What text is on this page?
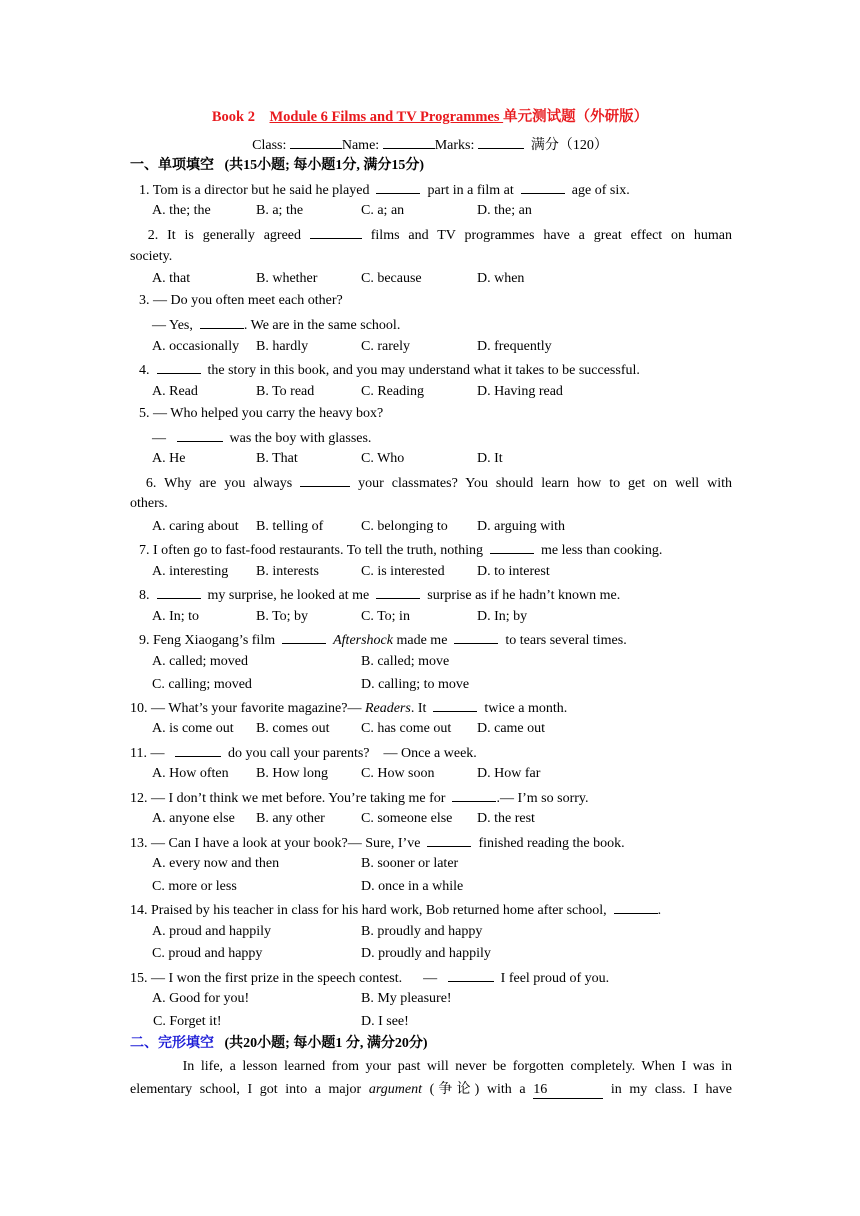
Book 2 Module 6 Films and TV Programmes 单元测试题（外研版）
Class:	Name:	Marks:	满分（120）
一、单项填空 (共15小题; 每小题1分, 满分15分)
1. Tom is a director but he said he played	part in a film at	age of six.
A. the; the	B. a; the	C. a; an	D. the; an
2. It is generally agreed	films and TV programmes have a great effect on human
society.
A. that	B. whether	C. because	D. when
3. — Do you often meet each other?
— Yes,	. We are in the same school.
A. occasionally B. hardly	C. rarely	D. frequently
4.	the story in this book, and you may understand what it takes to be successful.
A. Read	B. To read	C. Reading	D. Having read
5. — Who helped you carry the heavy box?
—	was the boy with glasses.
A. He	B. That	C. Who	D. It
6. Why are you always	your classmates? You should learn how to get on well with
others.
A. caring about B. telling of	C. belonging to D. arguing with
7. I often go to fast-food restaurants. To tell the truth, nothing	me less than cooking.
A. interesting B. interests	C. is interested D. to interest
8.	my surprise, he looked at me	surprise as if he hadn’t known me.
A. In; to	B. To; by	C. To; in	D. In; by
9. Feng Xiaogang’s film	Aftershock made me	to tears several times.
A. called; moved	B. called; move
C. calling; moved	D. calling; to move
10. — What’s your favorite magazine?— Readers. It	twice a month.
A. is come out B. comes out C. has come out D. came out
11. —	do you call your parents? — Once a week.
A. How often B. How long C. How soon	D. How far
12. — I don’t think we met before. You’re taking me for	.— I’m so sorry.
A. anyone else B. any other	C. someone else D. the rest
13. — Can I have a look at your book?— Sure, I’ve	finished reading the book.
A. every now and then	B. sooner or later
C. more or less	D. once in a while
14. Praised by his teacher in class for his hard work, Bob returned home after school,	.
A. proud and happily	B. proudly and happy
C. proud and happy	D. proudly and happily
15. — I won the first prize in the speech contest. —	I feel proud of you.
A. Good for you!	B. My pleasure!
C. Forget it!	D. I see!
二、完形填空 (共20小题; 每小题1 分, 满分20分)
In life, a lesson learned from your past will never be forgotten completely. When I was in
elementary school, I got into a major argument (争论) with a 16	in my class. I have
